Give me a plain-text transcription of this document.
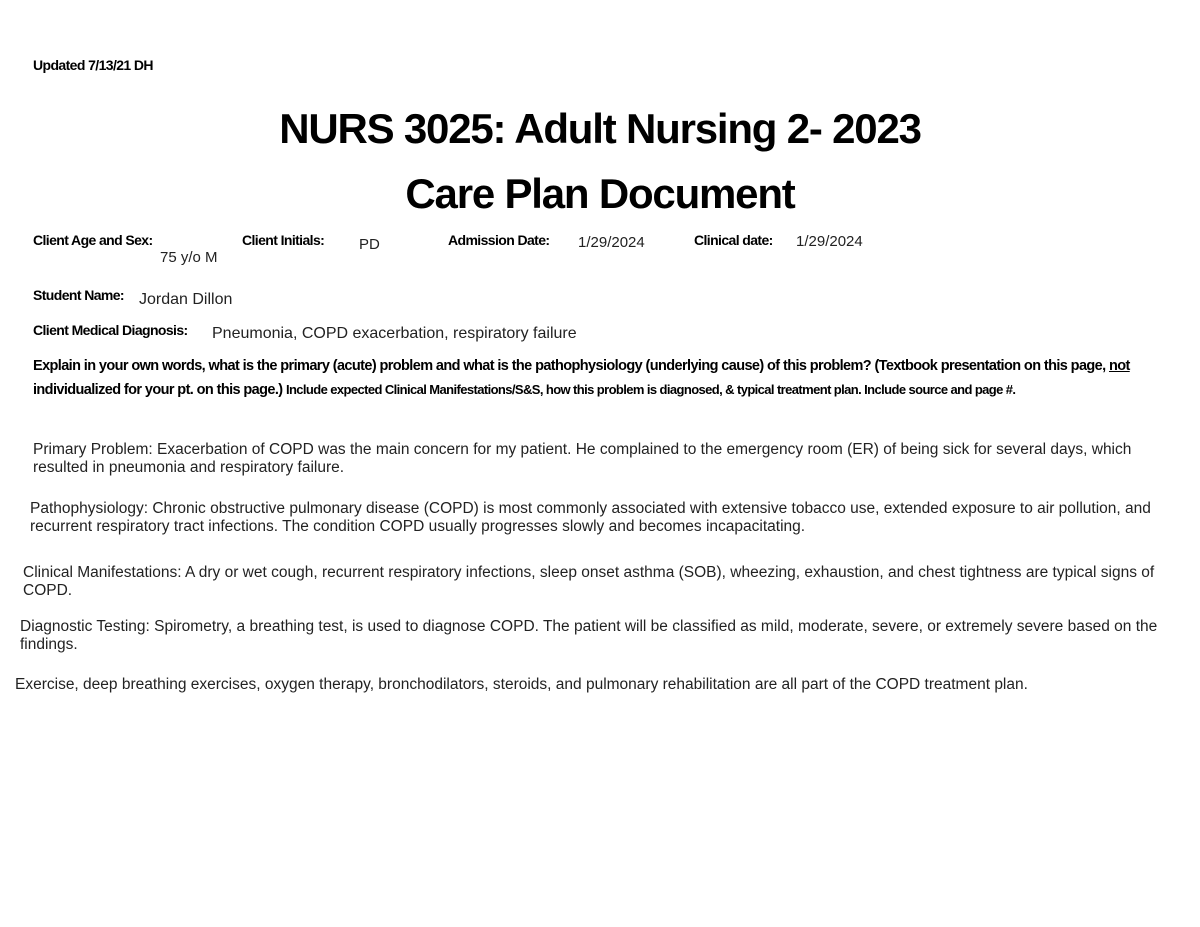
Updated 7/13/21 DH
NURS 3025: Adult Nursing 2- 2023
Care Plan Document
Client Age and Sex:
75 y/o M
Client Initials: PD	Admission Date: 1/29/2024	Clinical date: 1/29/2024
Student Name: Jordan Dillon
Client Medical Diagnosis: Pneumonia, COPD exacerbation, respiratory failure
Explain in your own words, what is the primary (acute) problem and what is the pathophysiology (underlying cause) of this problem? (Textbook presentation on this page, not individualized for your pt. on this page.) Include expected Clinical Manifestations/S&S, how this problem is diagnosed, & typical treatment plan. Include source and page #.
Primary Problem: Exacerbation of COPD was the main concern for my patient. He complained to the emergency room (ER) of being sick for several days, which resulted in pneumonia and respiratory failure.
Pathophysiology: Chronic obstructive pulmonary disease (COPD) is most commonly associated with extensive tobacco use, extended exposure to air pollution, and recurrent respiratory tract infections. The condition COPD usually progresses slowly and becomes incapacitating.
Clinical Manifestations: A dry or wet cough, recurrent respiratory infections, sleep onset asthma (SOB), wheezing, exhaustion, and chest tightness are typical signs of COPD.
Diagnostic Testing: Spirometry, a breathing test, is used to diagnose COPD. The patient will be classified as mild, moderate, severe, or extremely severe based on the findings.
Exercise, deep breathing exercises, oxygen therapy, bronchodilators, steroids, and pulmonary rehabilitation are all part of the COPD treatment plan.
